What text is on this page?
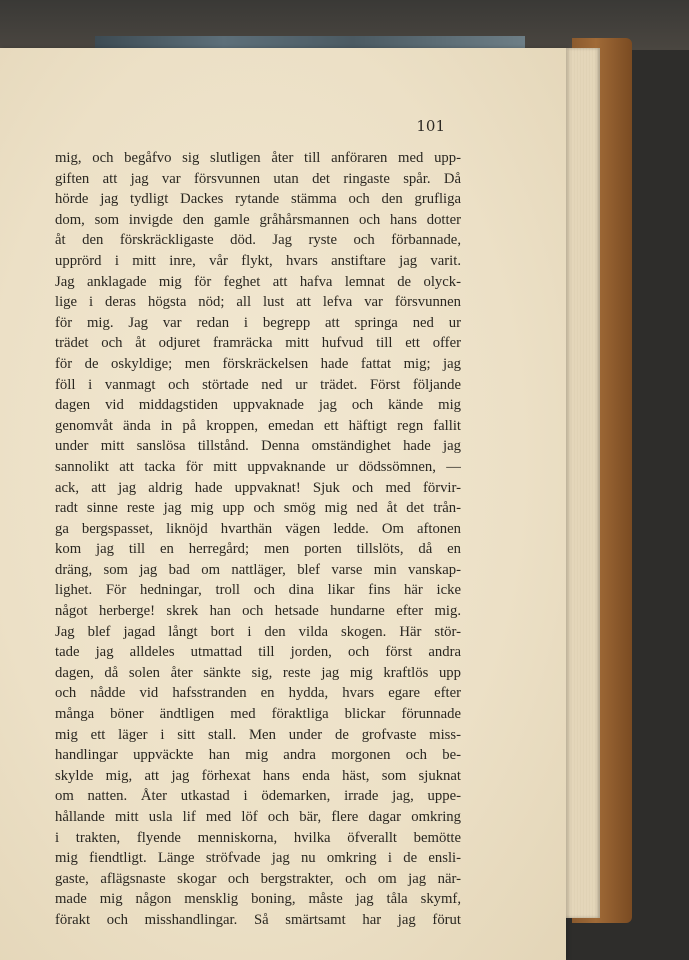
101
mig, och begåfvo sig slutligen åter till anföraren med upp-
giften att jag var försvunnen utan det ringaste spår. Då
hörde jag tydligt Dackes rytande stämma och den grufliga
dom, som invigde den gamle gråhårsmannen och hans dotter
åt den förskräckligaste död. Jag ryste och förbannade,
upprörd i mitt inre, vår flykt, hvars anstiftare jag varit.
Jag anklagade mig för feghet att hafva lemnat de olyck-
lige i deras högsta nöd; all lust att lefva var försvunnen
för mig. Jag var redan i begrepp att springa ned ur
trädet och åt odjuret framräcka mitt hufvud till ett offer
för de oskyldige; men förskräckelsen hade fattat mig; jag
föll i vanmagt och störtade ned ur trädet. Först följande
dagen vid middagstiden uppvaknade jag och kände mig
genomvåt ända in på kroppen, emedan ett häftigt regn fallit
under mitt sanslösa tillstånd. Denna omständighet hade jag
sannolikt att tacka för mitt uppvaknande ur dödssömnen, —
ack, att jag aldrig hade uppvaknat! Sjuk och med förvir-
radt sinne reste jag mig upp och smög mig ned åt det trån-
ga bergspasset, liknöjd hvarthän vägen ledde. Om aftonen
kom jag till en herregård; men porten tillslöts, då en
dräng, som jag bad om nattläger, blef varse min vanskap-
lighet. För hedningar, troll och dina likar fins här icke
något herberge! skrek han och hetsade hundarne efter mig.
Jag blef jagad långt bort i den vilda skogen. Här stör-
tade jag alldeles utmattad till jorden, och först andra
dagen, då solen åter sänkte sig, reste jag mig kraftlös upp
och nådde vid hafsstranden en hydda, hvars egare efter
många böner ändtligen med föraktliga blickar förunnade
mig ett läger i sitt stall. Men under de grofvaste miss-
handlingar uppväckte han mig andra morgonen och be-
skylde mig, att jag förhexat hans enda häst, som sjuknat
om natten. Åter utkastad i ödemarken, irrade jag, uppe-
hållande mitt usla lif med löf och bär, flere dagar omkring
i trakten, flyende menniskorna, hvilka öfverallt bemötte
mig fiendtligt. Länge ströfvade jag nu omkring i de ensli-
gaste, aflägsnaste skogar och bergstrakter, och om jag när-
made mig någon mensklig boning, måste jag tåla skymf,
förakt och misshandlingar. Så smärtsamt har jag förut
